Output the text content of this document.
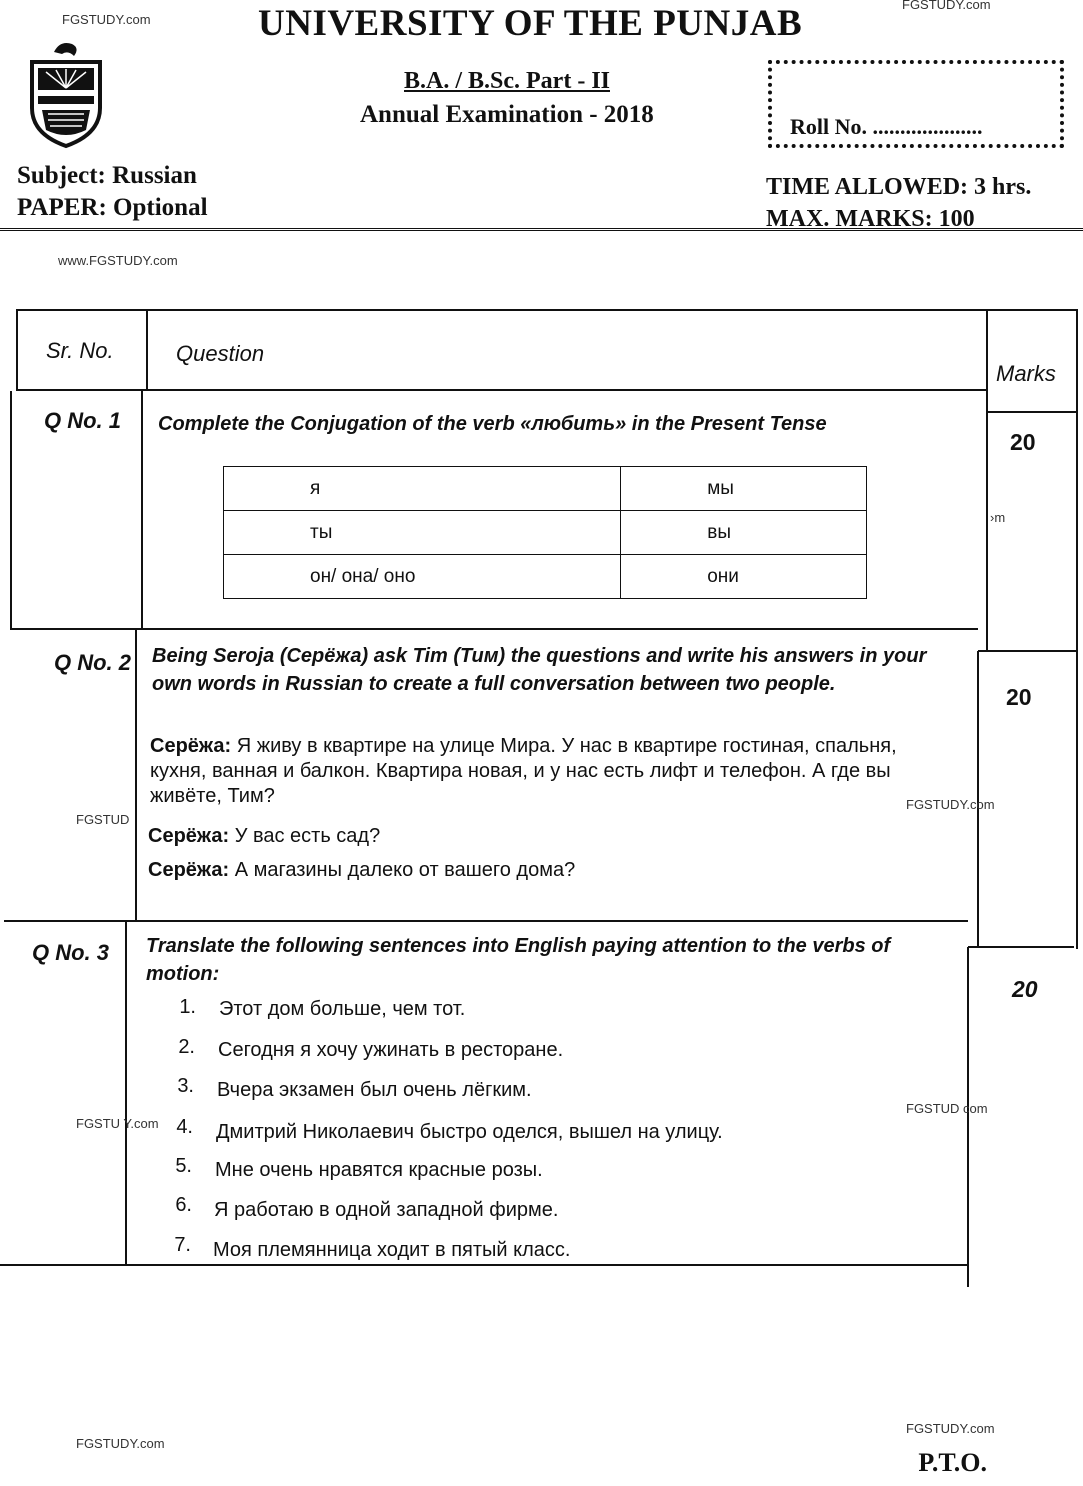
FGSTUDY.com
FGSTUDY.com
www.FGSTUDY.com
UNIVERSITY OF THE PUNJAB
B.A. / B.Sc. Part - II
Annual Examination - 2018	Roll No. ....................
Subject: Russian
PAPER: Optional
TIME ALLOWED: 3 hrs.
MAX. MARKS: 100
Sr. No.	Question
Marks
Q No. 1 Complete the Conjugation of the verb «любить» in the Present Tense
20
я	мы
ты	вы
он/ она/ оно	они
›m
Q No. 2 Being Seroja (Серёжа) ask Tim (Тим) the questions and write his answers in your own words in Russian to create a full conversation between two people.	20
Серёжа: Я живу в квартире на улице Мира. У нас в квартире гостиная, спальня, кухня, ванная и балкон. Квартира новая, и у нас есть лифт и телефон. А где вы живёте, Тим?
Серёжа: У вас есть сад?
Серёжа: А магазины далеко от вашего дома?
FGSTUD
FGSTUDY.com
Q No. 3 Translate the following sentences into English paying attention to the verbs of motion:
20
1. Этот дом больше, чем тот.
2. Сегодня я хочу ужинать в ресторане.
3. Вчера экзамен был очень лёгким.
4. Дмитрий Николаевич быстро оделся, вышел на улицу.
5. Мне очень нравятся красные розы.
6. Я работаю в одной западной фирме.
7. Моя племянница ходит в пятый класс.
FGSTU Y.com
FGSTUD com
FGSTUDY.com
FGSTUDY.com
P.T.O.
